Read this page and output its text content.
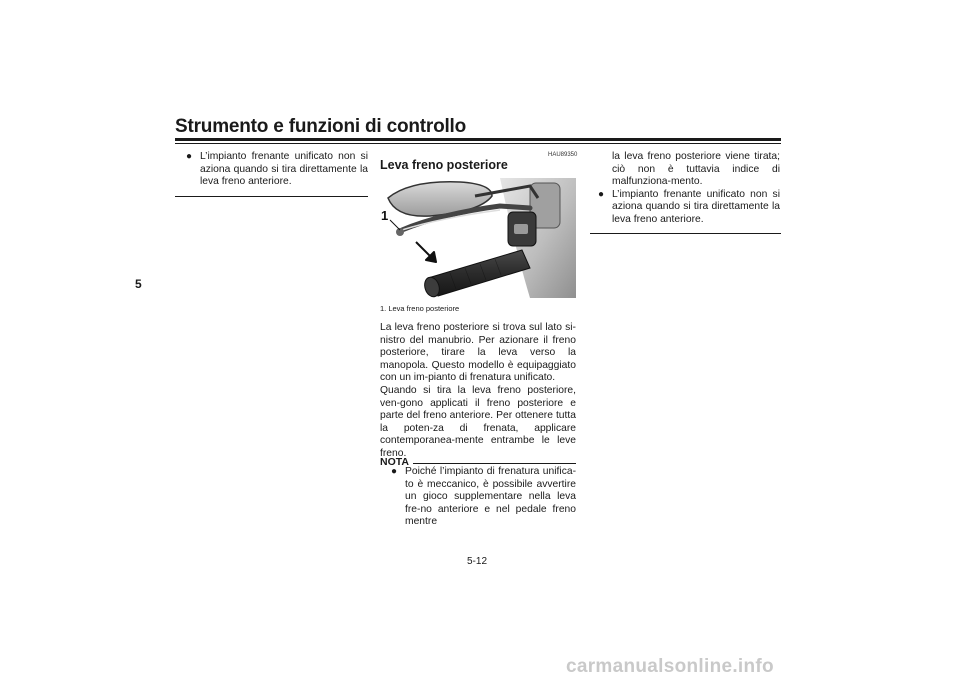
Strumento e funzioni di controllo
5
● L’impianto frenante unificato non si aziona quando si tira direttamente la leva freno anteriore.
HAU89350
Leva freno posteriore
1
1. Leva freno posteriore
La leva freno posteriore si trova sul lato si-nistro del manubrio. Per azionare il freno posteriore, tirare la leva verso la manopola. Questo modello è equipaggiato con un im-pianto di frenatura unificato.
Quando si tira la leva freno posteriore, ven-gono applicati il freno posteriore e parte del freno anteriore. Per ottenere tutta la poten-za di frenata, applicare contemporanea-mente entrambe le leve freno.
NOTA
● Poiché l’impianto di frenatura unifica-to è meccanico, è possibile avvertire un gioco supplementare nella leva fre-no anteriore e nel pedale freno mentre
la leva freno posteriore viene tirata; ciò non è tuttavia indice di malfunziona-mento.
● L’impianto frenante unificato non si aziona quando si tira direttamente la leva freno anteriore.
5-12
carmanualsonline.info
